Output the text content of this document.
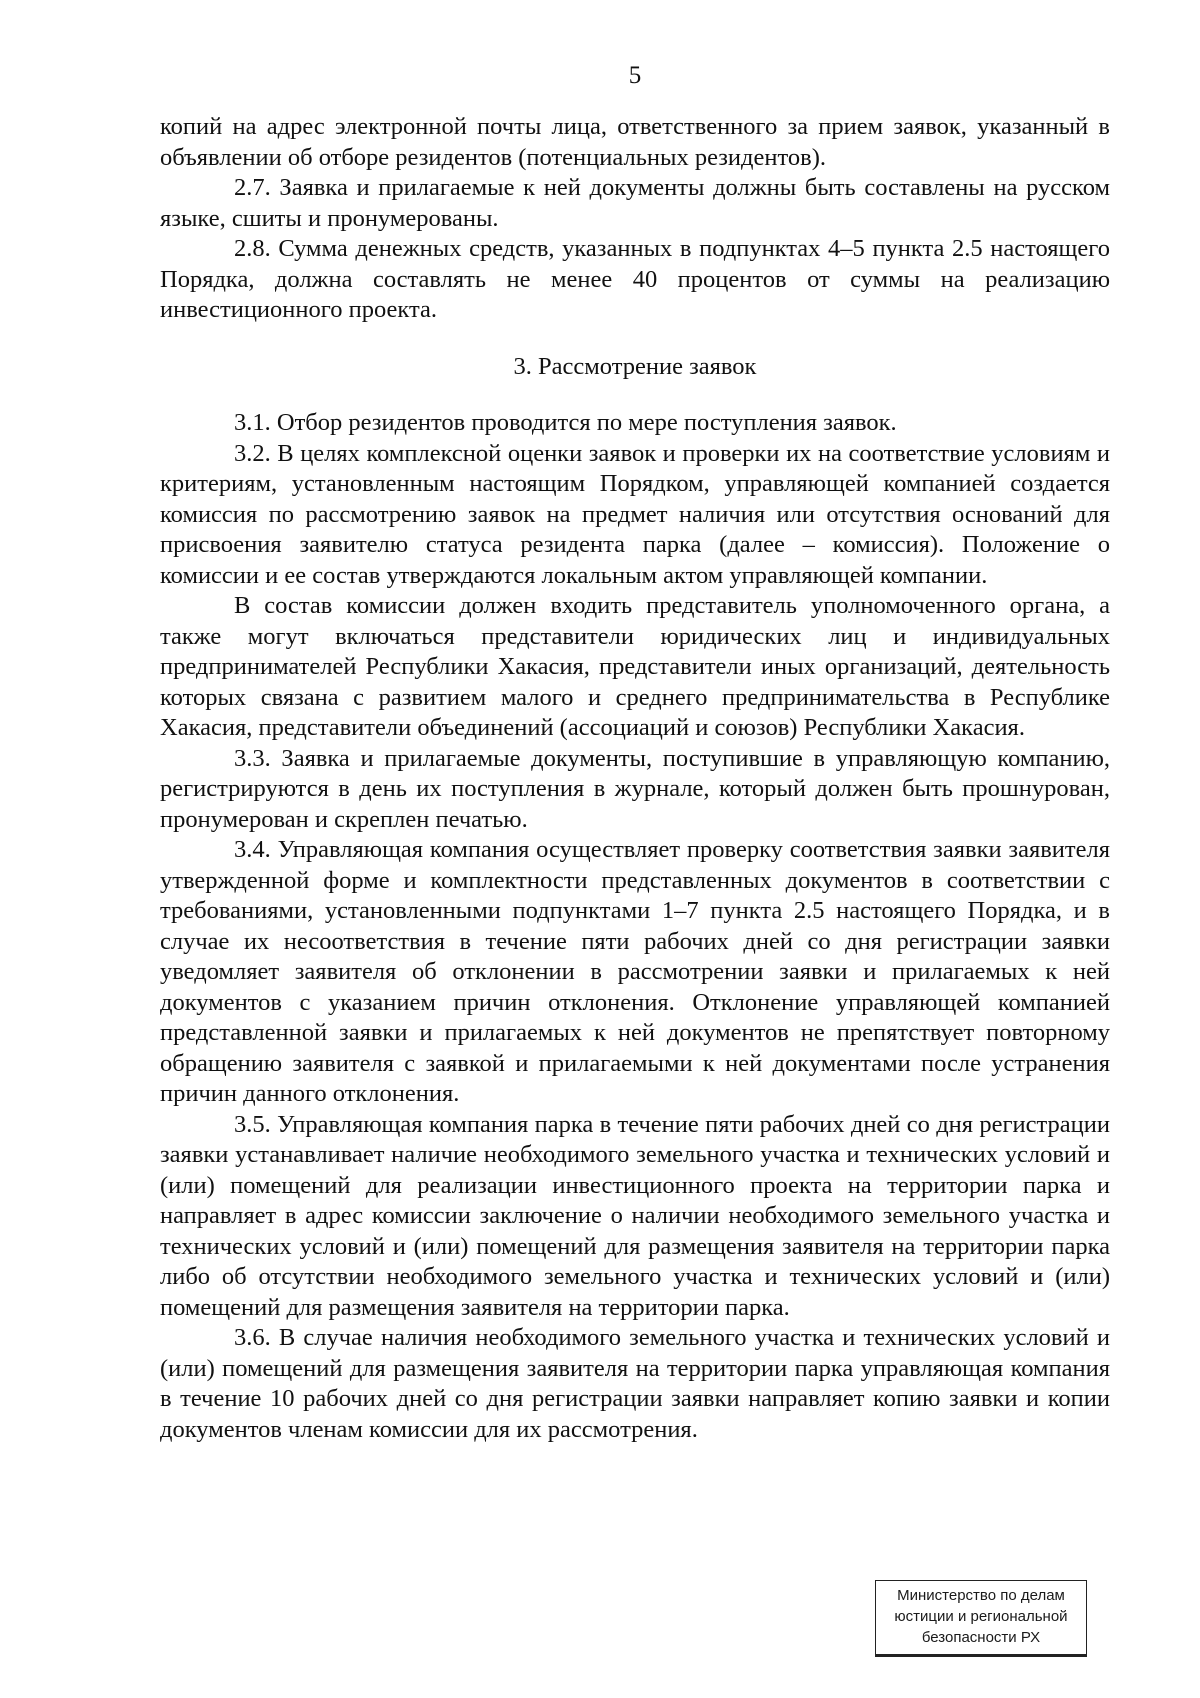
5

копий на адрес электронной почты лица, ответственного за прием заявок, указанный в объявлении об отборе резидентов (потенциальных резидентов).

2.7. Заявка и прилагаемые к ней документы должны быть составлены на русском языке, сшиты и пронумерованы.

2.8. Сумма денежных средств, указанных в подпунктах 4–5 пункта 2.5 настоящего Порядка, должна составлять не менее 40 процентов от суммы на реализацию инвестиционного проекта.

3. Рассмотрение заявок

3.1. Отбор резидентов проводится по мере поступления заявок.

3.2. В целях комплексной оценки заявок и проверки их на соответствие условиям и критериям, установленным настоящим Порядком, управляющей компанией создается комиссия по рассмотрению заявок на предмет наличия или отсутствия оснований для присвоения заявителю статуса резидента парка (далее – комиссия). Положение о комиссии и ее состав утверждаются локальным актом управляющей компании.

В состав комиссии должен входить представитель уполномоченного органа, а также могут включаться представители юридических лиц и индивидуальных предпринимателей Республики Хакасия, представители иных организаций, деятельность которых связана с развитием малого и среднего предпринимательства в Республике Хакасия, представители объединений (ассоциаций и союзов) Республики Хакасия.

3.3. Заявка и прилагаемые документы, поступившие в управляющую компанию, регистрируются в день их поступления в журнале, который должен быть прошнурован, пронумерован и скреплен печатью.

3.4. Управляющая компания осуществляет проверку соответствия заявки заявителя утвержденной форме и комплектности представленных документов в соответствии с требованиями, установленными подпунктами 1–7 пункта 2.5 настоящего Порядка, и в случае их несоответствия в течение пяти рабочих дней со дня регистрации заявки уведомляет заявителя об отклонении в рассмотрении заявки и прилагаемых к ней документов с указанием причин отклонения. Отклонение управляющей компанией представленной заявки и прилагаемых к ней документов не препятствует повторному обращению заявителя с заявкой и прилагаемыми к ней документами после устранения причин данного отклонения.

3.5. Управляющая компания парка в течение пяти рабочих дней со дня регистрации заявки устанавливает наличие необходимого земельного участка и технических условий и (или) помещений для реализации инвестиционного проекта на территории парка и направляет в адрес комиссии заключение о наличии необходимого земельного участка и технических условий и (или) помещений для размещения заявителя на территории парка либо об отсутствии необходимого земельного участка и технических условий и (или) помещений для размещения заявителя на территории парка.

3.6. В случае наличия необходимого земельного участка и технических условий и (или) помещений для размещения заявителя на территории парка управляющая компания в течение 10 рабочих дней со дня регистрации заявки направляет копию заявки и копии документов членам комиссии для их рассмотрения.

Министерство по делам
юстиции и региональной
безопасности РХ
